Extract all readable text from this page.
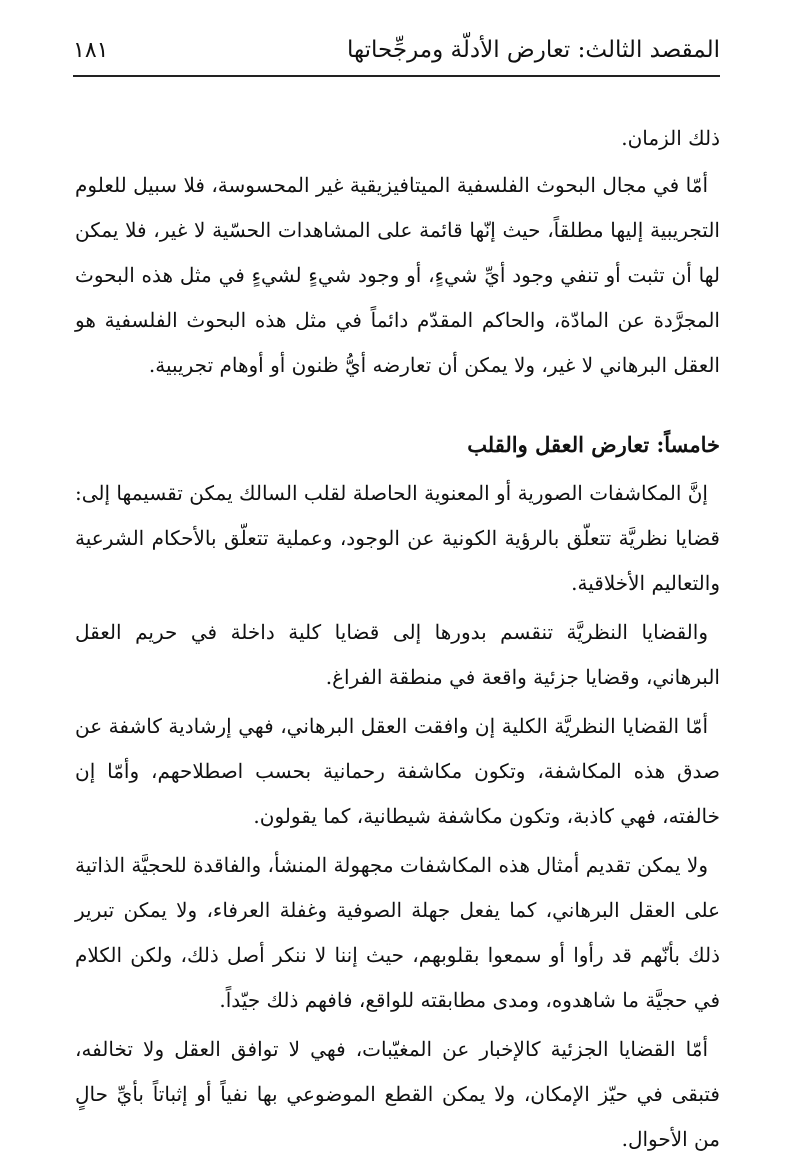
المقصد الثالث: تعارض الأدلّة ومرجِّحاتها
١٨١

ذلك الزمان.

أمّا في مجال البحوث الفلسفية الميتافيزيقية غير المحسوسة، فلا سبيل للعلوم التجريبية إليها مطلقاً، حيث إنّها قائمة على المشاهدات الحسّية لا غير، فلا يمكن لها أن تثبت أو تنفي وجود أيِّ شيءٍ، أو وجود شيءٍ لشيءٍ في مثل هذه البحوث المجرَّدة عن المادّة، والحاكم المقدّم دائماً في مثل هذه البحوث الفلسفية هو العقل البرهاني لا غير، ولا يمكن أن تعارضه أيُّ ظنون أو أوهام تجريبية.

خامساً: تعارض العقل والقلب

إنَّ المكاشفات الصورية أو المعنوية الحاصلة لقلب السالك يمكن تقسيمها إلى: قضايا نظريَّة تتعلّق بالرؤية الكونية عن الوجود، وعملية تتعلّق بالأحكام الشرعية والتعاليم الأخلاقية.

والقضايا النظريَّة تنقسم بدورها إلى قضايا كلية داخلة في حريم العقل البرهاني، وقضايا جزئية واقعة في منطقة الفراغ.

أمّا القضايا النظريَّة الكلية إن وافقت العقل البرهاني، فهي إرشادية كاشفة عن صدق هذه المكاشفة، وتكون مكاشفة رحمانية بحسب اصطلاحهم، وأمّا إن خالفته، فهي كاذبة، وتكون مكاشفة شيطانية، كما يقولون.

ولا يمكن تقديم أمثال هذه المكاشفات مجهولة المنشأ، والفاقدة للحجيَّة الذاتية على العقل البرهاني، كما يفعل جهلة الصوفية وغفلة العرفاء، ولا يمكن تبرير ذلك بأنّهم قد رأوا أو سمعوا بقلوبهم، حيث إننا لا ننكر أصل ذلك، ولكن الكلام في حجيَّة ما شاهدوه، ومدى مطابقته للواقع، فافهم ذلك جيّداً.

أمّا القضايا الجزئية كالإخبار عن المغيّبات، فهي لا توافق العقل ولا تخالفه، فتبقى في حيّز الإمكان، ولا يمكن القطع الموضوعي بها نفياً أو إثباتاً بأيِّ حالٍ من الأحوال.
